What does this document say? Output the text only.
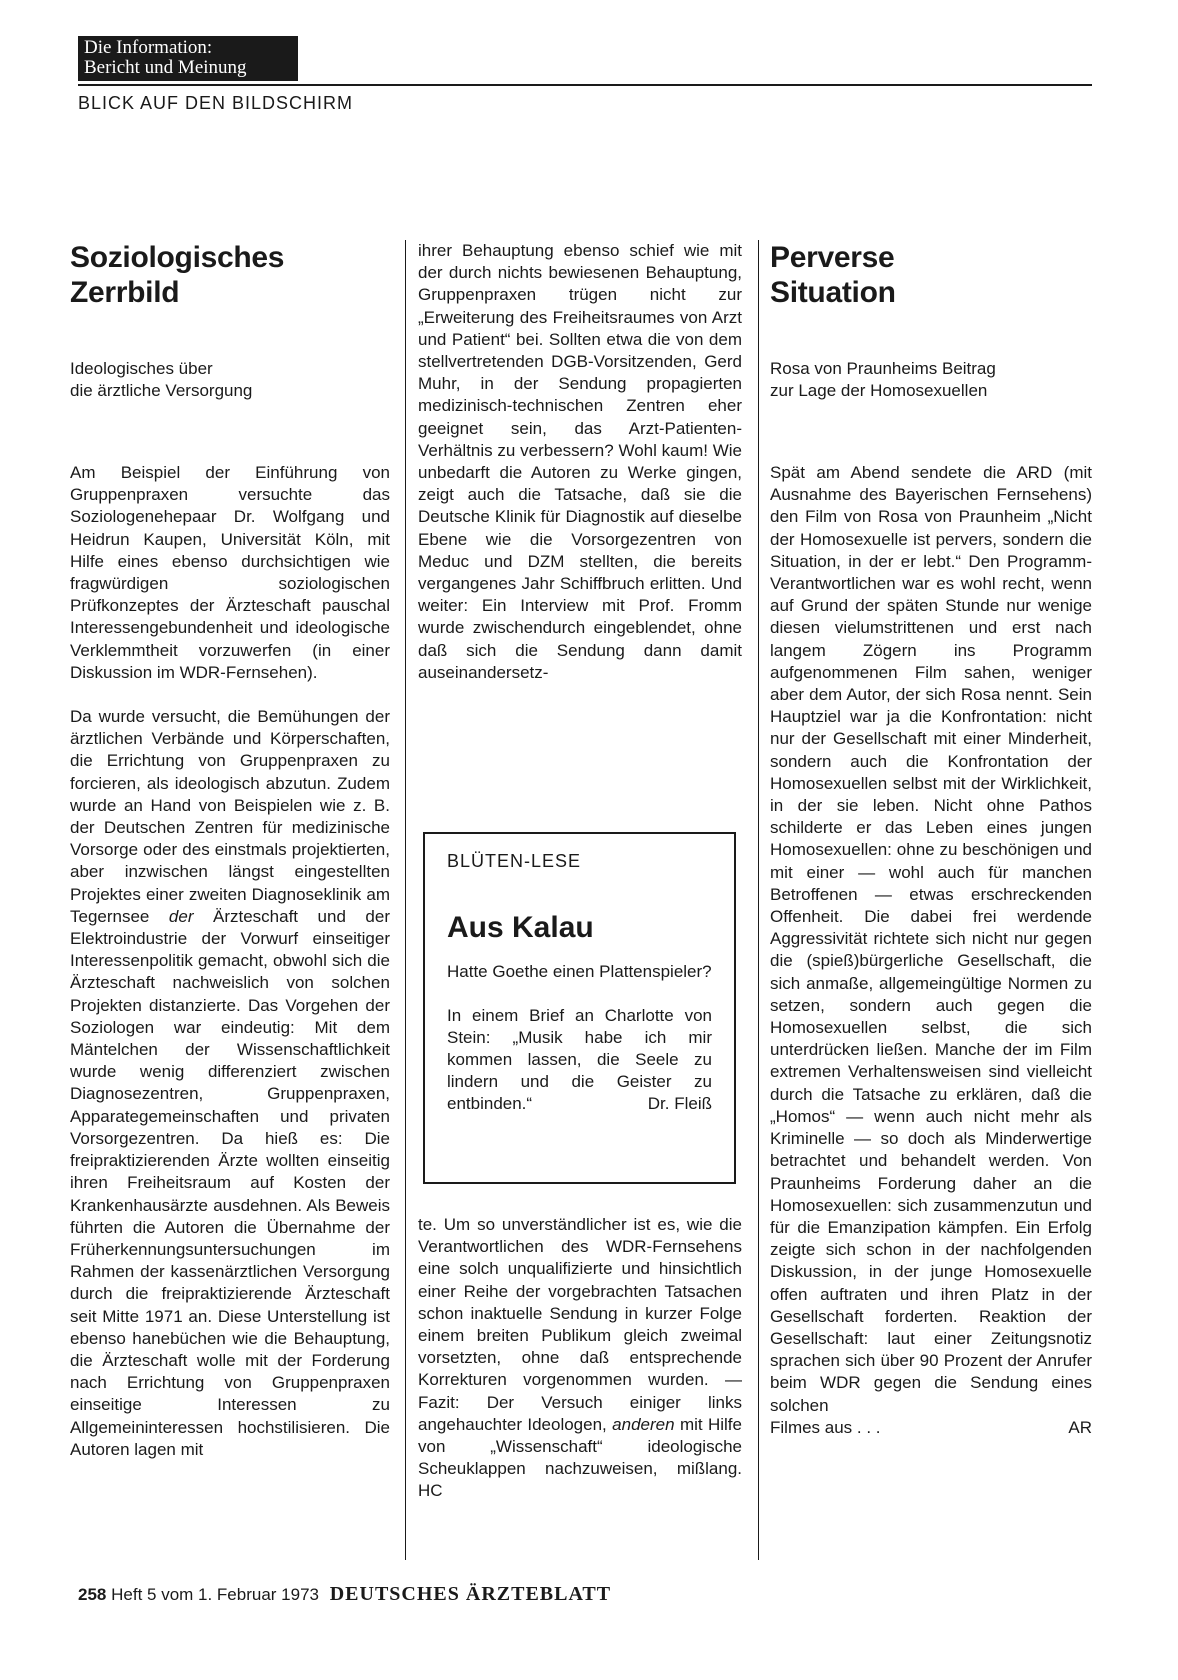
Die Information:
Bericht und Meinung
BLICK AUF DEN BILDSCHIRM
Soziologisches
Zerrbild
Ideologisches über
die ärztliche Versorgung

Am Beispiel der Einführung von Gruppenpraxen versuchte das Soziologenehepaar Dr. Wolfgang und Heidrun Kaupen, Universität Köln, mit Hilfe eines ebenso durchsichtigen wie fragwürdigen soziologischen Prüfkonzeptes der Ärzteschaft pauschal Interessengebundenheit und ideologische Verklemmtheit vorzuwerfen (in einer Diskussion im WDR-Fernsehen).

Da wurde versucht, die Bemühungen der ärztlichen Verbände und Körperschaften, die Errichtung von Gruppenpraxen zu forcieren, als ideologisch abzutun. Zudem wurde an Hand von Beispielen wie z. B. der Deutschen Zentren für medizinische Vorsorge oder des einstmals projektierten, aber inzwischen längst eingestellten Projektes einer zweiten Diagnoseklinik am Tegernsee der Ärzteschaft und der Elektroindustrie der Vorwurf einseitiger Interessenpolitik gemacht, obwohl sich die Ärzteschaft nachweislich von solchen Projekten distanzierte. Das Vorgehen der Soziologen war eindeutig: Mit dem Mäntelchen der Wissenschaftlichkeit wurde wenig differenziert zwischen Diagnosezentren, Gruppenpraxen, Apparategemeinschaften und privaten Vorsorgezentren. Da hieß es: Die freipraktizierenden Ärzte wollten einseitig ihren Freiheitsraum auf Kosten der Krankenhausärzte ausdehnen. Als Beweis führten die Autoren die Übernahme der Früherkennungsuntersuchungen im Rahmen der kassenärztlichen Versorgung durch die freipraktizierende Ärzteschaft seit Mitte 1971 an. Diese Unterstellung ist ebenso hanebüchen wie die Behauptung, die Ärzteschaft wolle mit der Forderung nach Errichtung von Gruppenpraxen einseitige Interessen zu Allgemeininteressen hochstilisieren. Die Autoren lagen mit

ihrer Behauptung ebenso schief wie mit der durch nichts bewiesenen Behauptung, Gruppenpraxen trügen nicht zur „Erweiterung des Freiheitsraumes von Arzt und Patient“ bei. Sollten etwa die von dem stellvertretenden DGB-Vorsitzenden, Gerd Muhr, in der Sendung propagierten medizinisch-technischen Zentren eher geeignet sein, das Arzt-Patienten-Verhältnis zu verbessern? Wohl kaum! Wie unbedarft die Autoren zu Werke gingen, zeigt auch die Tatsache, daß sie die Deutsche Klinik für Diagnostik auf dieselbe Ebene wie die Vorsorgezentren von Meduc und DZM stellten, die bereits vergangenes Jahr Schiffbruch erlitten. Und weiter: Ein Interview mit Prof. Fromm wurde zwischendurch eingeblendet, ohne daß sich die Sendung dann damit auseinandersetz-

BLÜTEN-LESE
Aus Kalau

Hatte Goethe einen Plattenspieler?

In einem Brief an Charlotte von Stein: „Musik habe ich mir kommen lassen, die Seele zu lindern und die Geister zu entbinden.“	Dr. Fleiß

te. Um so unverständlicher ist es, wie die Verantwortlichen des WDR-Fernsehens eine solch unqualifizierte und hinsichtlich einer Reihe der vorgebrachten Tatsachen schon inaktuelle Sendung in kurzer Folge einem breiten Publikum gleich zweimal vorsetzten, ohne daß entsprechende Korrekturen vorgenommen wurden. — Fazit: Der Versuch einiger links angehauchter Ideologen, anderen mit Hilfe von „Wissenschaft“ ideologische Scheuklappen nachzuweisen, mißlang. HC

Perverse
Situation
Rosa von Praunheims Beitrag
zur Lage der Homosexuellen

Spät am Abend sendete die ARD (mit Ausnahme des Bayerischen Fernsehens) den Film von Rosa von Praunheim „Nicht der Homosexuelle ist pervers, sondern die Situation, in der er lebt.“ Den Programm-Verantwortlichen war es wohl recht, wenn auf Grund der späten Stunde nur wenige diesen vielumstrittenen und erst nach langem Zögern ins Programm aufgenommenen Film sahen, weniger aber dem Autor, der sich Rosa nennt. Sein Hauptziel war ja die Konfrontation: nicht nur der Gesellschaft mit einer Minderheit, sondern auch die Konfrontation der Homosexuellen selbst mit der Wirklichkeit, in der sie leben. Nicht ohne Pathos schilderte er das Leben eines jungen Homosexuellen: ohne zu beschönigen und mit einer — wohl auch für manchen Betroffenen — etwas erschreckenden Offenheit. Die dabei frei werdende Aggressivität richtete sich nicht nur gegen die (spieß)bürgerliche Gesellschaft, die sich anmaße, allgemeingültige Normen zu setzen, sondern auch gegen die Homosexuellen selbst, die sich unterdrücken ließen. Manche der im Film extremen Verhaltensweisen sind vielleicht durch die Tatsache zu erklären, daß die „Homos“ — wenn auch nicht mehr als Kriminelle — so doch als Minderwertige betrachtet und behandelt werden. Von Praunheims Forderung daher an die Homosexuellen: sich zusammenzutun und für die Emanzipation kämpfen. Ein Erfolg zeigte sich schon in der nachfolgenden Diskussion, in der junge Homosexuelle offen auftraten und ihren Platz in der Gesellschaft forderten. Reaktion der Gesellschaft: laut einer Zeitungsnotiz sprachen sich über 90 Prozent der Anrufer beim WDR gegen die Sendung eines solchen

Filmes aus . . .	AR
258 Heft 5 vom 1. Februar 1973 DEUTSCHES ÄRZTEBLATT
